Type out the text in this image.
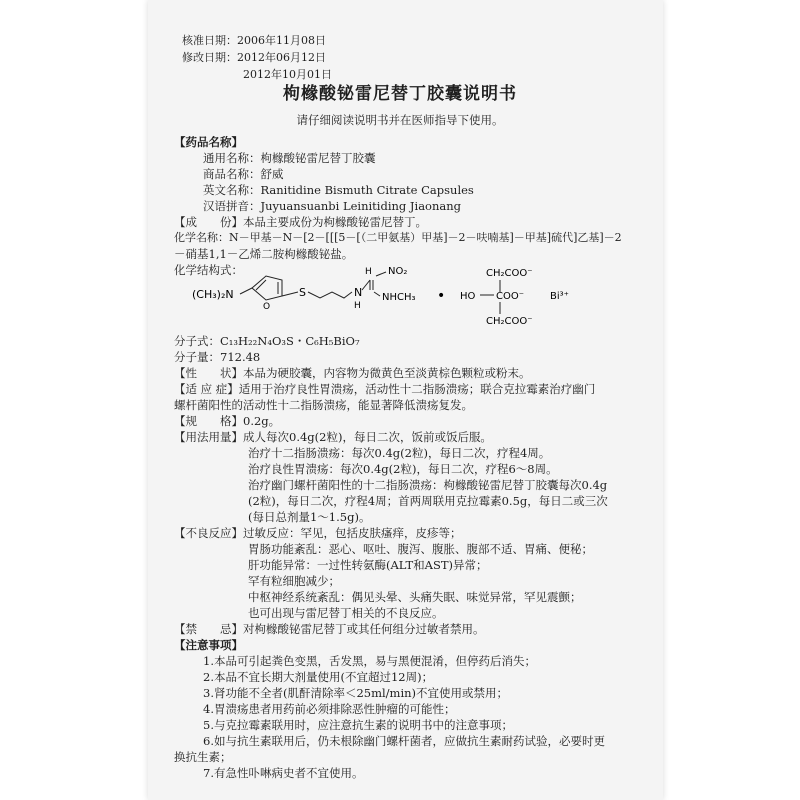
核准日期：2006年11月08日
修改日期：2012年06月12日
2012年10月01日
枸橼酸铋雷尼替丁胶囊说明书
请仔细阅读说明书并在医师指导下使用。
【药品名称】
通用名称：枸橼酸铋雷尼替丁胶囊
商品名称：舒威
英文名称：Ranitidine Bismuth Citrate Capsules
汉语拼音：Juyuansuanbi Leinitiding Jiaonang
【成　　份】本品主要成份为枸橼酸铋雷尼替丁。
化学名称：N－甲基－N－[2－[[[5－[（二甲氨基）甲基]－2－呋喃基]－甲基]硫代]乙基]－2
－硝基1,1－乙烯二胺枸橼酸铋盐。
化学结构式：
(CH₃)₂N
O
S	N
H
H NO₂
NHCH₃ •
CH₂COO⁻
HO COO⁻
CH₂COO⁻
Bi³⁺
分子式：C₁₃H₂₂N₄O₃S・C₆H₅BiO₇
分子量：712.48
【性　　状】本品为硬胶囊，内容物为微黄色至淡黄棕色颗粒或粉末。
【适 应 症】适用于治疗良性胃溃疡，活动性十二指肠溃疡；联合克拉霉素治疗幽门
螺杆菌阳性的活动性十二指肠溃疡，能显著降低溃疡复发。
【规　　格】0.2g。
【用法用量】成人每次0.4g(2粒)，每日二次，饭前或饭后服。
治疗十二指肠溃疡：每次0.4g(2粒)，每日二次，疗程4周。
治疗良性胃溃疡：每次0.4g(2粒)，每日二次，疗程6～8周。
治疗幽门螺杆菌阳性的十二指肠溃疡：枸橼酸铋雷尼替丁胶囊每次0.4g
(2粒)，每日二次，疗程4周；首两周联用克拉霉素0.5g，每日二或三次
(每日总剂量1～1.5g)。
【不良反应】过敏反应：罕见，包括皮肤瘙痒，皮疹等；
胃肠功能紊乱：恶心、呕吐、腹泻、腹胀、腹部不适、胃痛、便秘；
肝功能异常：一过性转氨酶(ALT和AST)异常；
罕有粒细胞减少；
中枢神经系统紊乱：偶见头晕、头痛失眠、味觉异常，罕见震颤；
也可出现与雷尼替丁相关的不良反应。
【禁　　忌】对枸橼酸铋雷尼替丁或其任何组分过敏者禁用。
【注意事项】
1.本品可引起粪色变黑，舌发黑，易与黑便混淆，但停药后消失；
2.本品不宜长期大剂量使用(不宜超过12周)；
3.肾功能不全者(肌酐清除率＜25ml/min)不宜使用或禁用；
4.胃溃疡患者用药前必须排除恶性肿瘤的可能性；
5.与克拉霉素联用时，应注意抗生素的说明书中的注意事项；
6.如与抗生素联用后，仍未根除幽门螺杆菌者，应做抗生素耐药试验，必要时更
换抗生素；
7.有急性卟啉病史者不宜使用。
